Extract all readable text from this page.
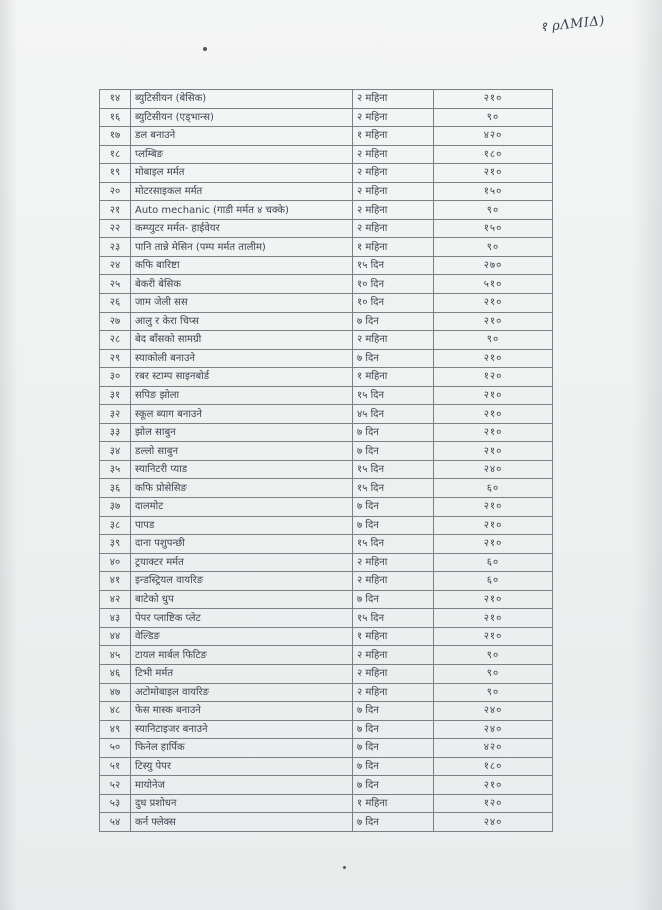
१ ρΛΜΙΔ)
१४	ब्युटिसीयन (बेसिक)	२ महिना	२१०
१६	ब्युटिसीयन (एड्भान्स)	२ महिना	९०
१७	डल बनाउने	१ महिना	४२०
१८	प्लम्बिङ	२ महिना	१८०
१९	मोबाइल मर्मत	२ महिना	२१०
२०	मोटरसाइकल मर्मत	२ महिना	१५०
२१	Auto mechanic (गाडी मर्मत ४ चक्के)	२ महिना	९०
२२	कम्प्युटर मर्मत- हाईवेयर	२ महिना	१५०
२३	पानि तान्ने मेसिन (पम्प मर्मत तालीम)	१ महिना	९०
२४	कफि बारिष्टा	१५ दिन	२७०
२५	बेकरी बेसिक	१० दिन	५१०
२६	जाम जेली सस	१० दिन	२१०
२७	आलु र केरा चिप्स	७ दिन	२१०
२८	बेद बाँसको सामग्री	२ महिना	९०
२९	स्याकोली बनाउने	७ दिन	२१०
३०	रबर स्टाम्प साइनबोर्ड	१ महिना	१२०
३१	सपिङ झोला	१५ दिन	२१०
३२	स्कूल ब्याग बनाउने	४५ दिन	२१०
३३	झोल साबुन	७ दिन	२१०
३४	डल्लो साबुन	७ दिन	२१०
३५	स्यानिटरी प्याड	१५ दिन	२४०
३६	कफि प्रोसेसिङ	१५ दिन	६०
३७	दालमोट	७ दिन	२१०
३८	पापड	७ दिन	२१०
३९	दाना पशुपन्छी	१५ दिन	२१०
४०	ट्रयाक्टर मर्मत	२ महिना	६०
४१	इन्डस्ट्रियल वायरिङ	२ महिना	६०
४२	बाटेको धुप	७ दिन	२१०
४३	पेपर प्लाष्टिक प्लेट	१५ दिन	२१०
४४	वेल्डिङ	१ महिना	२१०
४५	टायल मार्बल फिटिङ	२ महिना	९०
४६	टिभी मर्मत	२ महिना	९०
४७	अटोमोबाइल वायरिङ	२ महिना	९०
४८	फेस मास्क बनाउने	७ दिन	२४०
४९	स्यानिटाइजर बनाउने	७ दिन	२४०
५०	फिनेल हार्पिक	७ दिन	४२०
५१	टिस्यु पेपर	७ दिन	१८०
५२	मायोनेज	७ दिन	२१०
५३	दुध प्रशोधन	१ महिना	१२०
५४	कर्न फ्लेक्स	७ दिन	२४०
